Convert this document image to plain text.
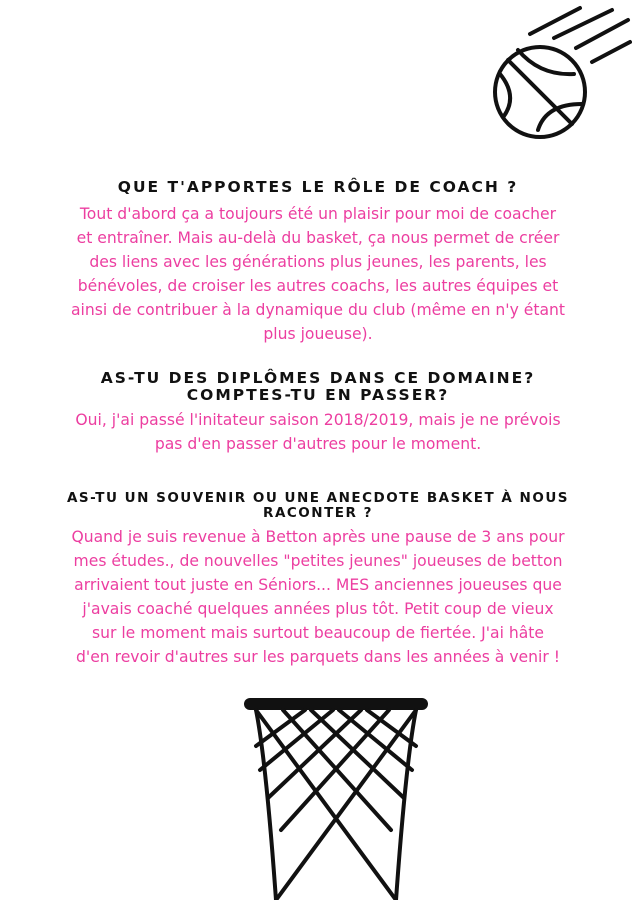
QUE T'APPORTES LE RÔLE DE COACH ?

Tout d'abord ça a toujours été un plaisir pour moi de coacher
et entraîner. Mais au-delà du basket, ça nous permet de créer
des liens avec les générations plus jeunes, les parents, les
bénévoles, de croiser les autres coachs, les autres équipes et
ainsi de contribuer à la dynamique du club (même en n'y étant
plus joueuse).

AS-TU DES DIPLÔMES DANS CE DOMAINE?
COMPTES-TU EN PASSER?

Oui, j'ai passé l'initateur saison 2018/2019, mais je ne prévois
pas d'en passer d'autres pour le moment.

AS-TU UN SOUVENIR OU UNE ANECDOTE BASKET À NOUS
RACONTER ?

Quand je suis revenue à Betton après une pause de 3 ans pour
mes études., de nouvelles "petites jeunes" joueuses de betton
arrivaient tout juste en Séniors... MES anciennes joueuses que
j'avais coaché quelques années plus tôt. Petit coup de vieux
sur le moment mais surtout beaucoup de fiertée. J'ai hâte
d'en revoir d'autres sur les parquets dans les années à venir !
